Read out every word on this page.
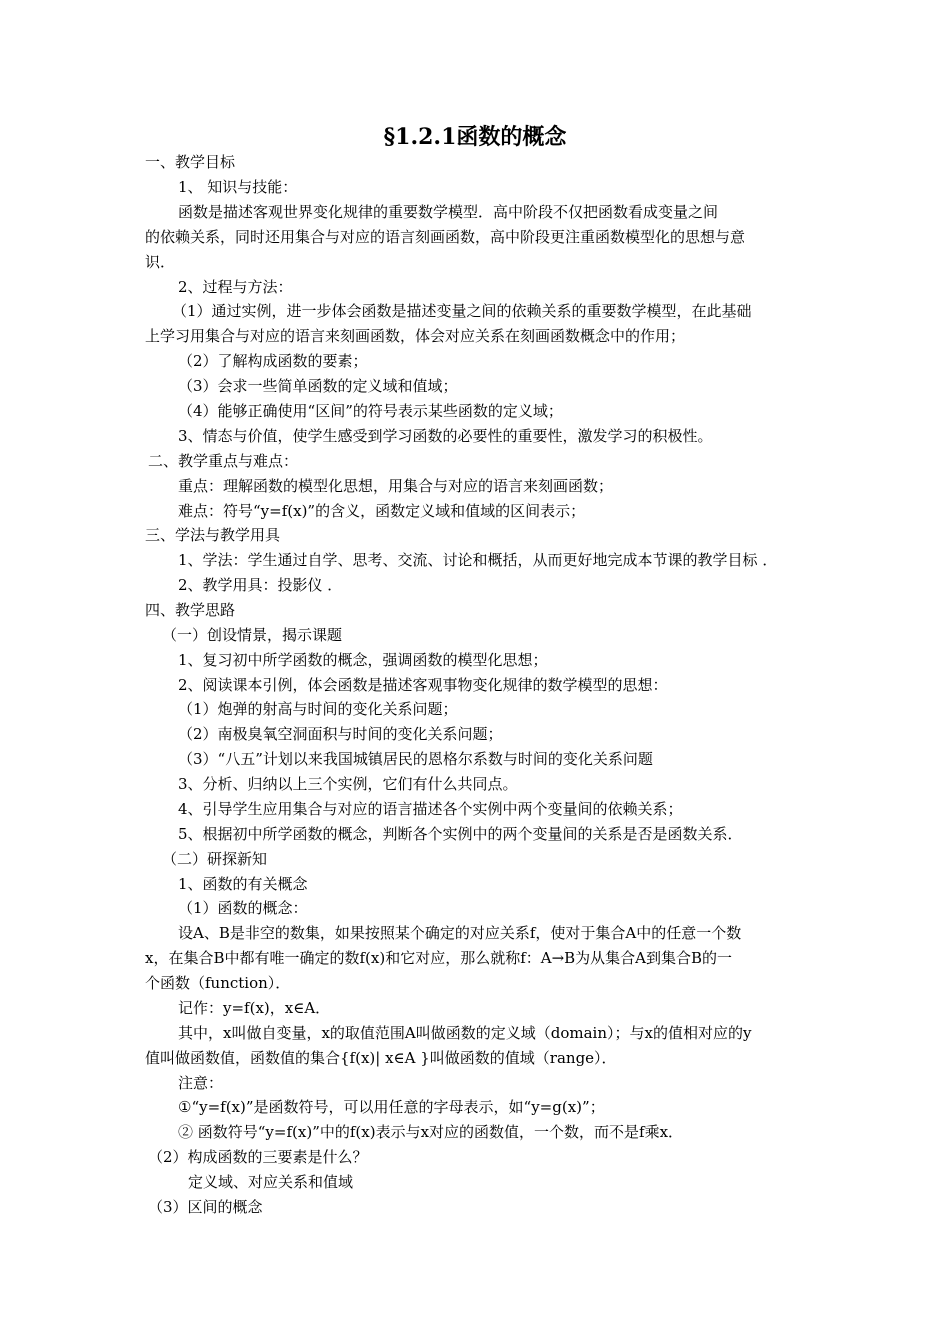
§1.2.1函数的概念
一、教学目标
1、 知识与技能：
函数是描述客观世界变化规律的重要数学模型．高中阶段不仅把函数看成变量之间
的依赖关系，同时还用集合与对应的语言刻画函数，高中阶段更注重函数模型化的思想与意
识．
2、过程与方法：
（1）通过实例，进一步体会函数是描述变量之间的依赖关系的重要数学模型，在此基础
上学习用集合与对应的语言来刻画函数，体会对应关系在刻画函数概念中的作用；
（2）了解构成函数的要素；
（3）会求一些简单函数的定义域和值域；
（4）能够正确使用“区间”的符号表示某些函数的定义域；
3、情态与价值，使学生感受到学习函数的必要性的重要性，激发学习的积极性。
二、教学重点与难点：
重点：理解函数的模型化思想，用集合与对应的语言来刻画函数；
难点：符号“y=f(x)”的含义，函数定义域和值域的区间表示；
三、学法与教学用具
1、学法：学生通过自学、思考、交流、讨论和概括，从而更好地完成本节课的教学目标 ．
2、教学用具：投影仪 ．
四、教学思路
（一）创设情景，揭示课题
1、复习初中所学函数的概念，强调函数的模型化思想；
2、阅读课本引例，体会函数是描述客观事物变化规律的数学模型的思想：
（1）炮弹的射高与时间的变化关系问题；
（2）南极臭氧空洞面积与时间的变化关系问题；
（3）“八五”计划以来我国城镇居民的恩格尔系数与时间的变化关系问题
3、分析、归纳以上三个实例，它们有什么共同点。
4、引导学生应用集合与对应的语言描述各个实例中两个变量间的依赖关系；
5、根据初中所学函数的概念，判断各个实例中的两个变量间的关系是否是函数关系．
（二）研探新知
1、函数的有关概念
（1）函数的概念：
设A、B是非空的数集，如果按照某个确定的对应关系f，使对于集合A中的任意一个数
x，在集合B中都有唯一确定的数f(x)和它对应，那么就称f：A→B为从集合A到集合B的一
个函数（function）．
记作：y=f(x)，x∈A．
其中，x叫做自变量，x的取值范围A叫做函数的定义域（domain）；与x的值相对应的y
值叫做函数值，函数值的集合{f(x)| x∈A }叫做函数的值域（range）．
注意：
①“y=f(x)”是函数符号，可以用任意的字母表示，如“y=g(x)”；
② 函数符号“y=f(x)”中的f(x)表示与x对应的函数值，一个数，而不是f乘x．
（2）构成函数的三要素是什么？
定义域、对应关系和值域
（3）区间的概念
